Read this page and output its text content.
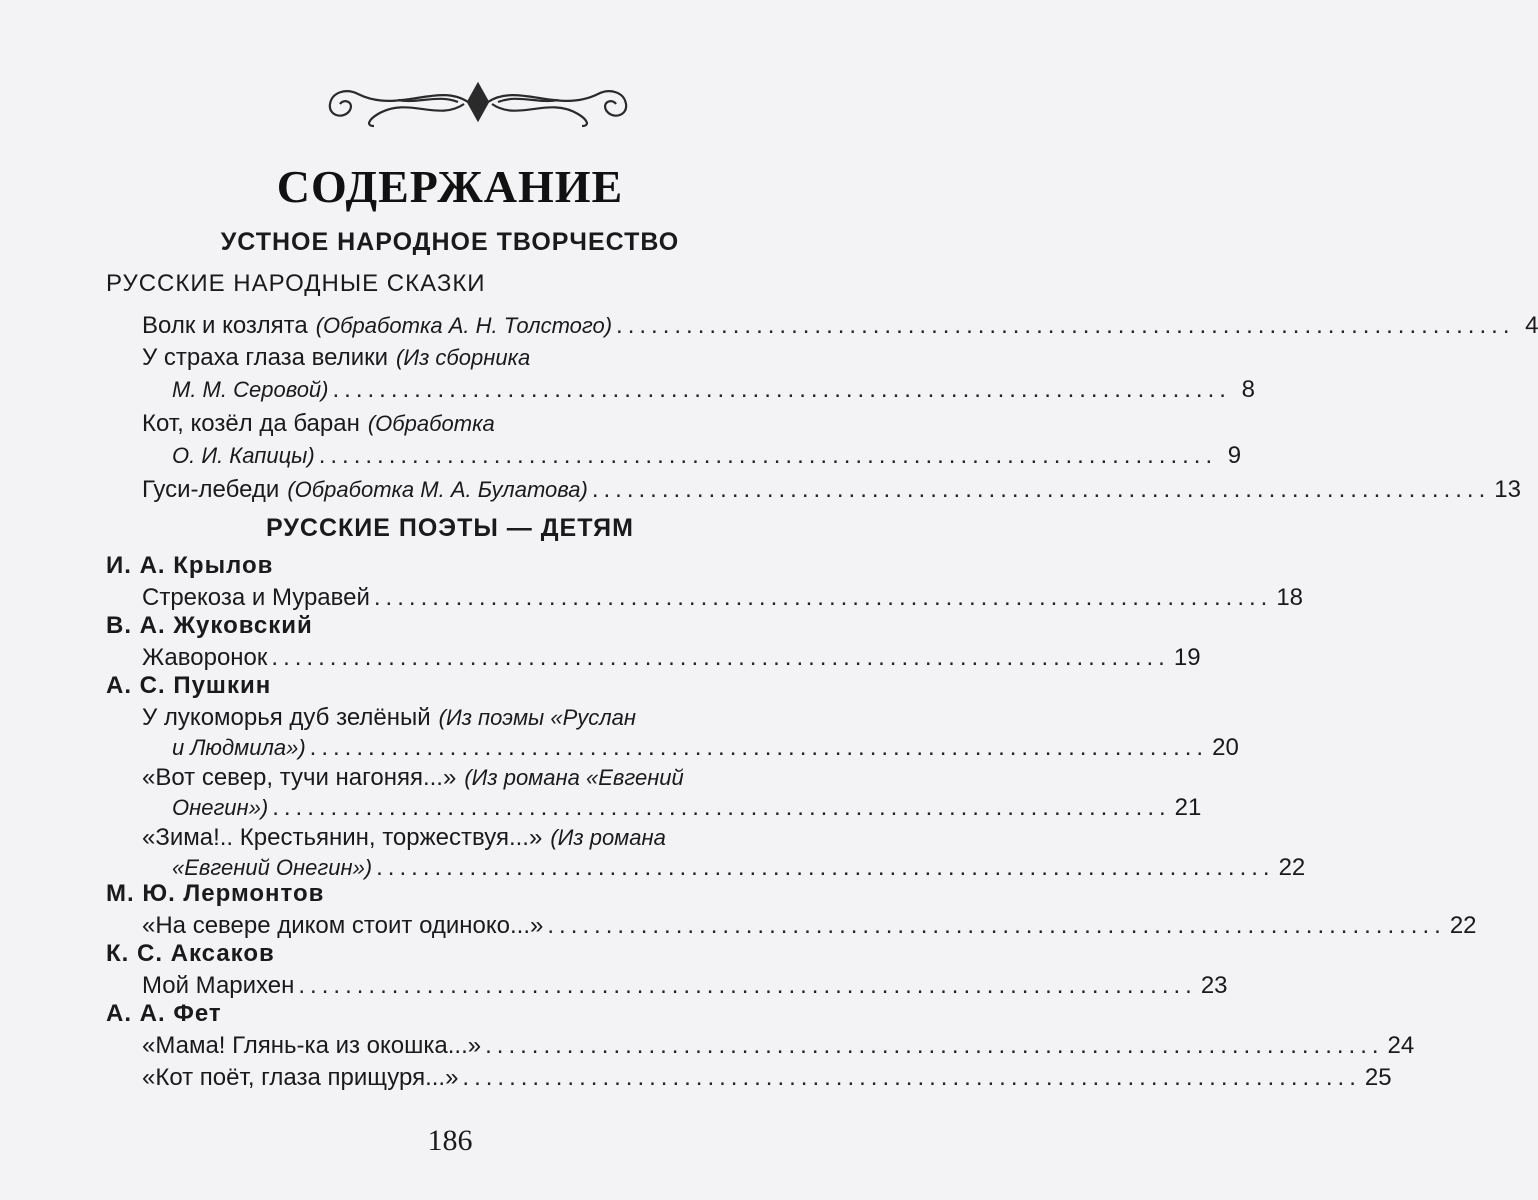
СОДЕРЖАНИЕ
УСТНОЕ НАРОДНОЕ ТВОРЧЕСТВО
РУССКИЕ НАРОДНЫЕ СКАЗКИ
Волк и козлята (Обработка А. Н. Толстого) ............................................................................. 4
У страха глаза велики (Из сборника
М. М. Серовой) ............................................................................. 8
Кот, козёл да баран (Обработка
О. И. Капицы) ............................................................................. 9
Гуси-лебеди (Обработка М. А. Булатова) ............................................................................. 13
РУССКИЕ ПОЭТЫ — ДЕТЯМ
И. А. Крылов
Стрекоза и Муравей ............................................................................. 18
В. А. Жуковский
Жаворонок ............................................................................. 19
А. С. Пушкин
У лукоморья дуб зелёный (Из поэмы «Руслан
и Людмила») ............................................................................. 20
«Вот север, тучи нагоняя...» (Из романа «Евгений
Онегин») ............................................................................. 21
«Зима!.. Крестьянин, торжествуя...» (Из романа
«Евгений Онегин») ............................................................................. 22
М. Ю. Лермонтов
«На севере диком стоит одиноко...» ............................................................................. 22
К. С. Аксаков
Мой Марихен ............................................................................. 23
А. А. Фет
«Мама! Глянь-ка из окошка...» ............................................................................. 24
«Кот поёт, глаза прищуря...» ............................................................................. 25
186
